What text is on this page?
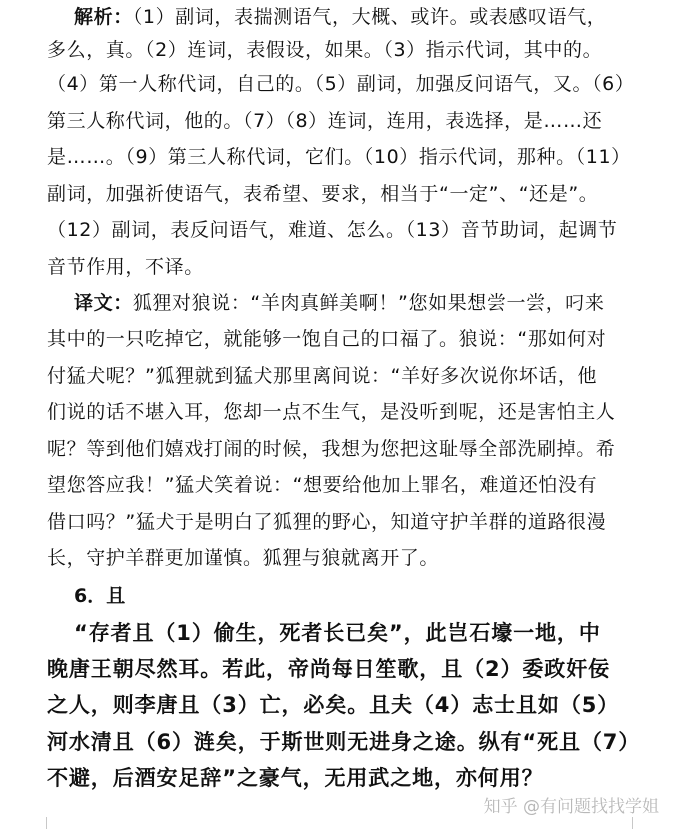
解析：（1）副词，表揣测语气，大概、或许。或表感叹语气，
多么，真。（2）连词，表假设，如果。（3）指示代词，其中的。
（4）第一人称代词，自己的。（5）副词，加强反问语气，又。（6）
第三人称代词，他的。（7）（8）连词，连用，表选择，是……还
是……。（9）第三人称代词，它们。（10）指示代词，那种。（11）
副词，加强祈使语气，表希望、要求，相当于“一定”、“还是”。
（12）副词，表反问语气，难道、怎么。（13）音节助词，起调节
音节作用，不译。
译文：狐狸对狼说：“羊肉真鲜美啊！”您如果想尝一尝，叼来
其中的一只吃掉它，就能够一饱自己的口福了。狼说：“那如何对
付猛犬呢？”狐狸就到猛犬那里离间说：“羊好多次说你坏话，他
们说的话不堪入耳，您却一点不生气，是没听到呢，还是害怕主人
呢？等到他们嬉戏打闹的时候，我想为您把这耻辱全部洗刷掉。希
望您答应我！”猛犬笑着说：“想要给他加上罪名，难道还怕没有
借口吗？”猛犬于是明白了狐狸的野心，知道守护羊群的道路很漫
长，守护羊群更加谨慎。狐狸与狼就离开了。
6．且
“存者且（1）偷生，死者长已矣”，此岂石壕一地，中
晚唐王朝尽然耳。若此，帝尚每日笙歌，且（2）委政奸佞
之人，则李唐且（3）亡，必矣。且夫（4）志士且如（5）
河水清且（6）涟矣，于斯世则无进身之途。纵有“死且（7）
不避，后酒安足辞”之豪气，无用武之地，亦何用？
知乎 @有问题找找学姐
